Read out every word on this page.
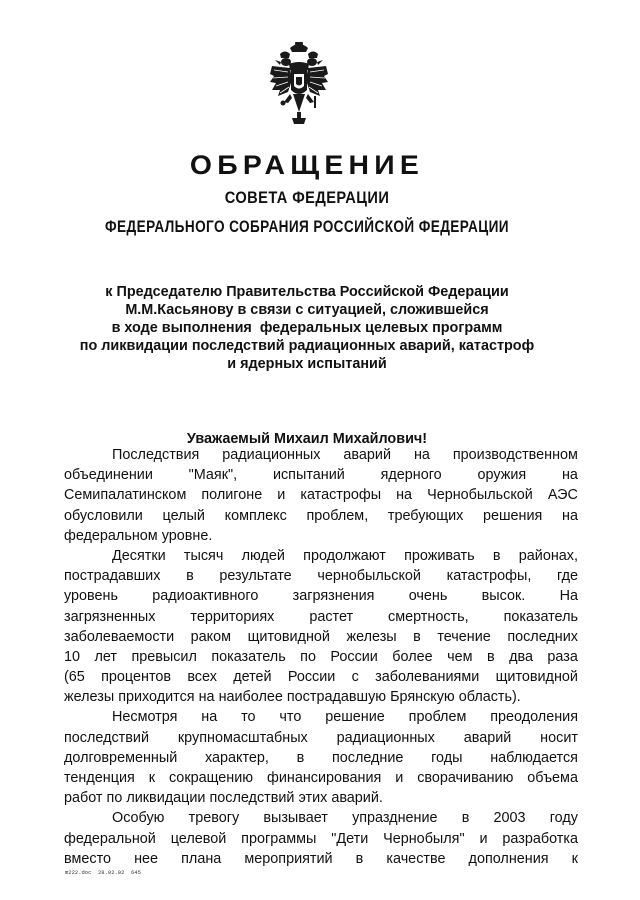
ОБРАЩЕНИЕ
СОВЕТА ФЕДЕРАЦИИ
ФЕДЕРАЛЬНОГО СОБРАНИЯ РОССИЙСКОЙ ФЕДЕРАЦИИ
к Председателю Правительства Российской Федерации
М.М.Касьянову в связи с ситуацией, сложившейся
в ходе выполнения  федеральных целевых программ
по ликвидации последствий радиационных аварий, катастроф
и ядерных испытаний
Уважаемый Михаил Михайлович!
Последствия радиационных аварий на производственном
объединении "Маяк", испытаний ядерного оружия на
Семипалатинском полигоне и катастрофы на Чернобыльской АЭС
обусловили целый комплекс проблем, требующих решения на
федеральном уровне.
Десятки тысяч людей продолжают проживать в районах,
пострадавших в результате чернобыльской катастрофы, где
уровень радиоактивного загрязнения очень высок. На
загрязненных территориях растет смертность, показатель
заболеваемости раком щитовидной железы в течение последних
10 лет превысил показатель по России более чем в два раза
(65 процентов всех детей России с заболеваниями щитовидной
железы приходится на наиболее пострадавшую Брянскую область).
Несмотря на то что решение проблем преодоления
последствий крупномасштабных радиационных аварий носит
долговременный характер, в последние годы наблюдается
тенденция к сокращению финансирования и сворачиванию объема
работ по ликвидации последствий этих аварий.
Особую тревогу вызывает упразднение в 2003 году
федеральной целевой программы "Дети Чернобыля" и разработка
вместо нее плана мероприятий в качестве дополнения к
m222.doc  28.02.02  645
